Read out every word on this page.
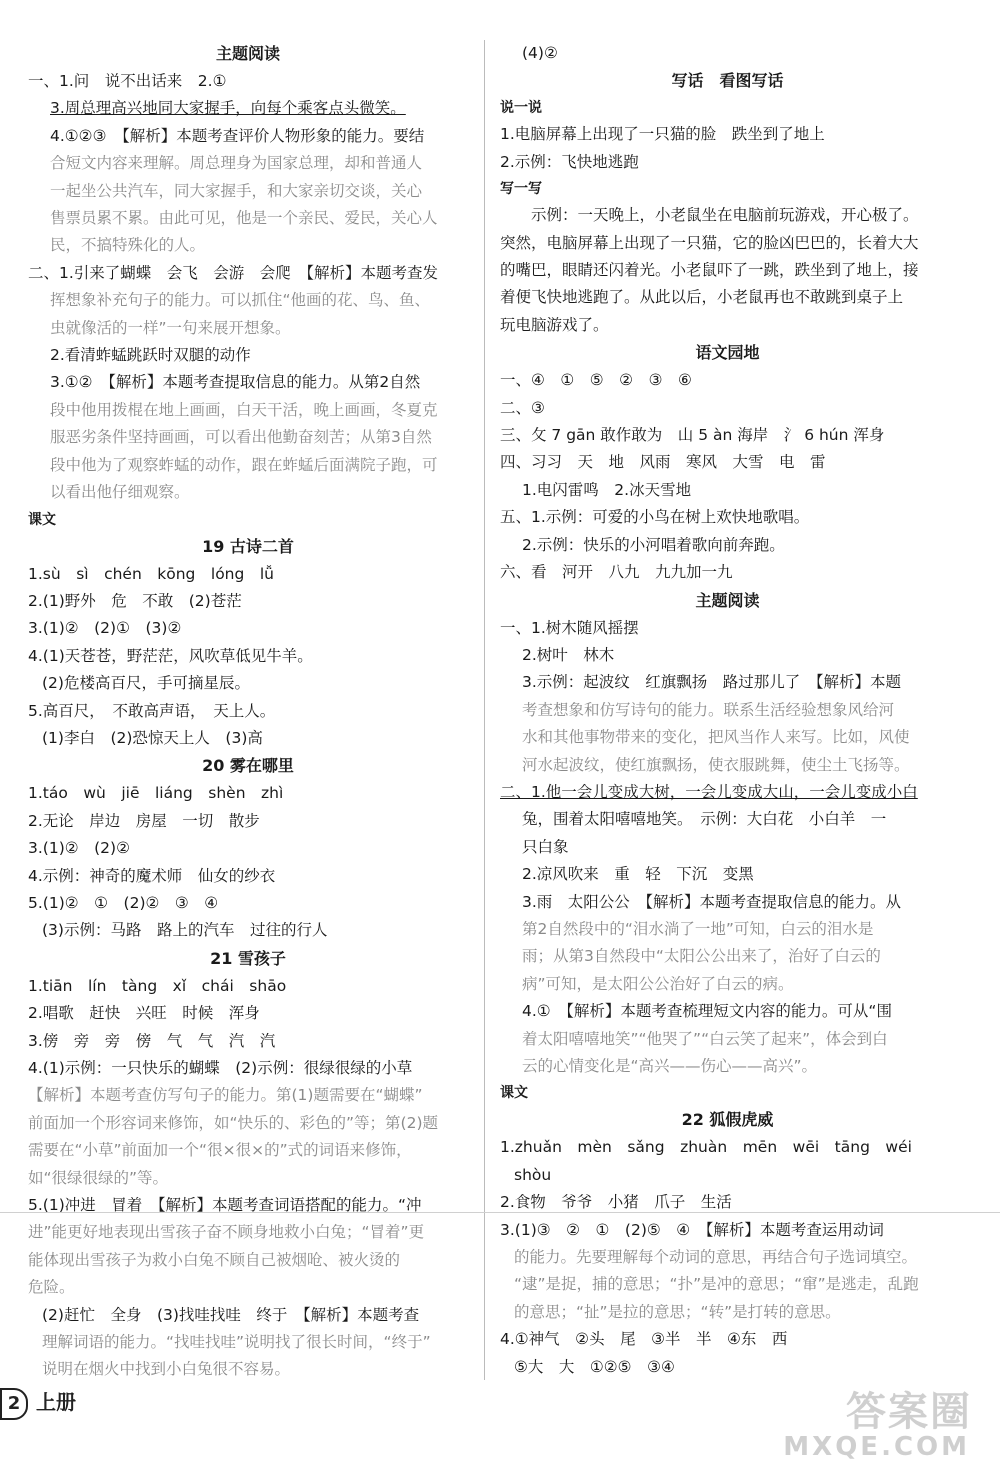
主题阅读
一、1.问　说不出话来　2.①
3.周总理高兴地同大家握手，向每个乘客点头微笑。
4.①②③　【解析】本题考查评价人物形象的能力。要结
合短文内容来理解。周总理身为国家总理，却和普通人
一起坐公共汽车，同大家握手，和大家亲切交谈，关心
售票员累不累。由此可见，他是一个亲民、爱民，关心人
民，不搞特殊化的人。
二、1.引来了蝴蝶　会飞　会游　会爬　【解析】本题考查发
挥想象补充句子的能力。可以抓住“他画的花、鸟、鱼、
虫就像活的一样”一句来展开想象。
2.看清蚱蜢跳跃时双腿的动作
3.①②　【解析】本题考查提取信息的能力。从第2自然
段中他用拨棍在地上画画，白天干活，晚上画画，冬夏克
服恶劣条件坚持画画，可以看出他勤奋刻苦；从第3自然
段中他为了观察蚱蜢的动作，跟在蚱蜢后面满院子跑，可
以看出他仔细观察。
课文
19 古诗二首
1.sù　sì　chén　kōng　lóng　lǚ
2.(1)野外　危　不敢　(2)苍茫
3.(1)②　(2)①　(3)②
4.(1)天苍苍，野茫茫，风吹草低见牛羊。
(2)危楼高百尺，手可摘星辰。
5.高百尺，　不敢高声语，　天上人。
(1)李白　(2)恐惊天上人　(3)高
20 雾在哪里
1.táo　wù　jiē　liáng　shèn　zhì
2.无论　岸边　房屋　一切　散步
3.(1)②　(2)②
4.示例：神奇的魔术师　仙女的纱衣
5.(1)②　①　(2)②　③　④
(3)示例：马路　路上的汽车　过往的行人
21 雪孩子
1.tiān　lín　tàng　xǐ　chái　shāo
2.唱歌　赶快　兴旺　时候　浑身
3.傍　旁　旁　傍　气　气　汽　汽
4.(1)示例：一只快乐的蝴蝶　(2)示例：很绿很绿的小草
【解析】本题考查仿写句子的能力。第(1)题需要在“蝴蝶”
前面加一个形容词来修饰，如“快乐的、彩色的”等；第(2)题
需要在“小草”前面加一个“很×很×的”式的词语来修饰，
如“很绿很绿的”等。
5.(1)冲进　冒着　【解析】本题考查词语搭配的能力。“冲
进”能更好地表现出雪孩子奋不顾身地救小白兔；“冒着”更
能体现出雪孩子为救小白兔不顾自己被烟呛、被火烫的
危险。
(2)赶忙　全身　(3)找哇找哇　终于　【解析】本题考查
理解词语的能力。“找哇找哇”说明找了很长时间，“终于”
说明在烟火中找到小白兔很不容易。
(4)②
写话　看图写话
说一说
1.电脑屏幕上出现了一只猫的脸　跌坐到了地上
2.示例：飞快地逃跑
写一写
示例：一天晚上，小老鼠坐在电脑前玩游戏，开心极了。
突然，电脑屏幕上出现了一只猫，它的脸凶巴巴的，长着大大
的嘴巴，眼睛还闪着光。小老鼠吓了一跳，跌坐到了地上，接
着便飞快地逃跑了。从此以后，小老鼠再也不敢跳到桌子上
玩电脑游戏了。
语文园地
一、④　①　⑤　②　③　⑥
二、③
三、攵 7 gān 敢作敢为　山 5 àn 海岸　氵 6 hún 浑身
四、习习　天　地　风雨　寒风　大雪　电　雷
1.电闪雷鸣　2.冰天雪地
五、1.示例：可爱的小鸟在树上欢快地歌唱。
2.示例：快乐的小河唱着歌向前奔跑。
六、看　河开　八九　九九加一九
主题阅读
一、1.树木随风摇摆
2.树叶　林木
3.示例：起波纹　红旗飘扬　路过那儿了　【解析】本题
考查想象和仿写诗句的能力。联系生活经验想象风给河
水和其他事物带来的变化，把风当作人来写。比如，风使
河水起波纹，使红旗飘扬，使衣服跳舞，使尘土飞扬等。
二、1.他一会儿变成大树，一会儿变成大山，一会儿变成小白
兔，围着太阳嘻嘻地笑。　示例：大白花　小白羊　一
只白象
2.凉风吹来　重　轻　下沉　变黑
3.雨　太阳公公　【解析】本题考查提取信息的能力。从
第2自然段中的“泪水淌了一地”可知，白云的泪水是
雨；从第3自然段中“太阳公公出来了，治好了白云的
病”可知，是太阳公公治好了白云的病。
4.①　【解析】本题考查梳理短文内容的能力。可从“围
着太阳嘻嘻地笑”“他哭了”“白云笑了起来”，体会到白
云的心情变化是“高兴——伤心——高兴”。
课文
22 狐假虎威
1.zhuǎn　mèn　sǎng　zhuàn　mēn　wēi　tāng　wéi
shòu
2.食物　爷爷　小猪　爪子　生活
3.(1)③　②　①　(2)⑤　④　【解析】本题考查运用动词
的能力。先要理解每个动词的意思，再结合句子选词填空。
“逮”是捉，捕的意思；“扑”是冲的意思；“窜”是逃走，乱跑
的意思；“扯”是拉的意思；“转”是打转的意思。
4.①神气　②头　尾　③半　半　④东　西
⑤大　大　①②⑤　③④
2 上册	答案圈
MXQE.COM
